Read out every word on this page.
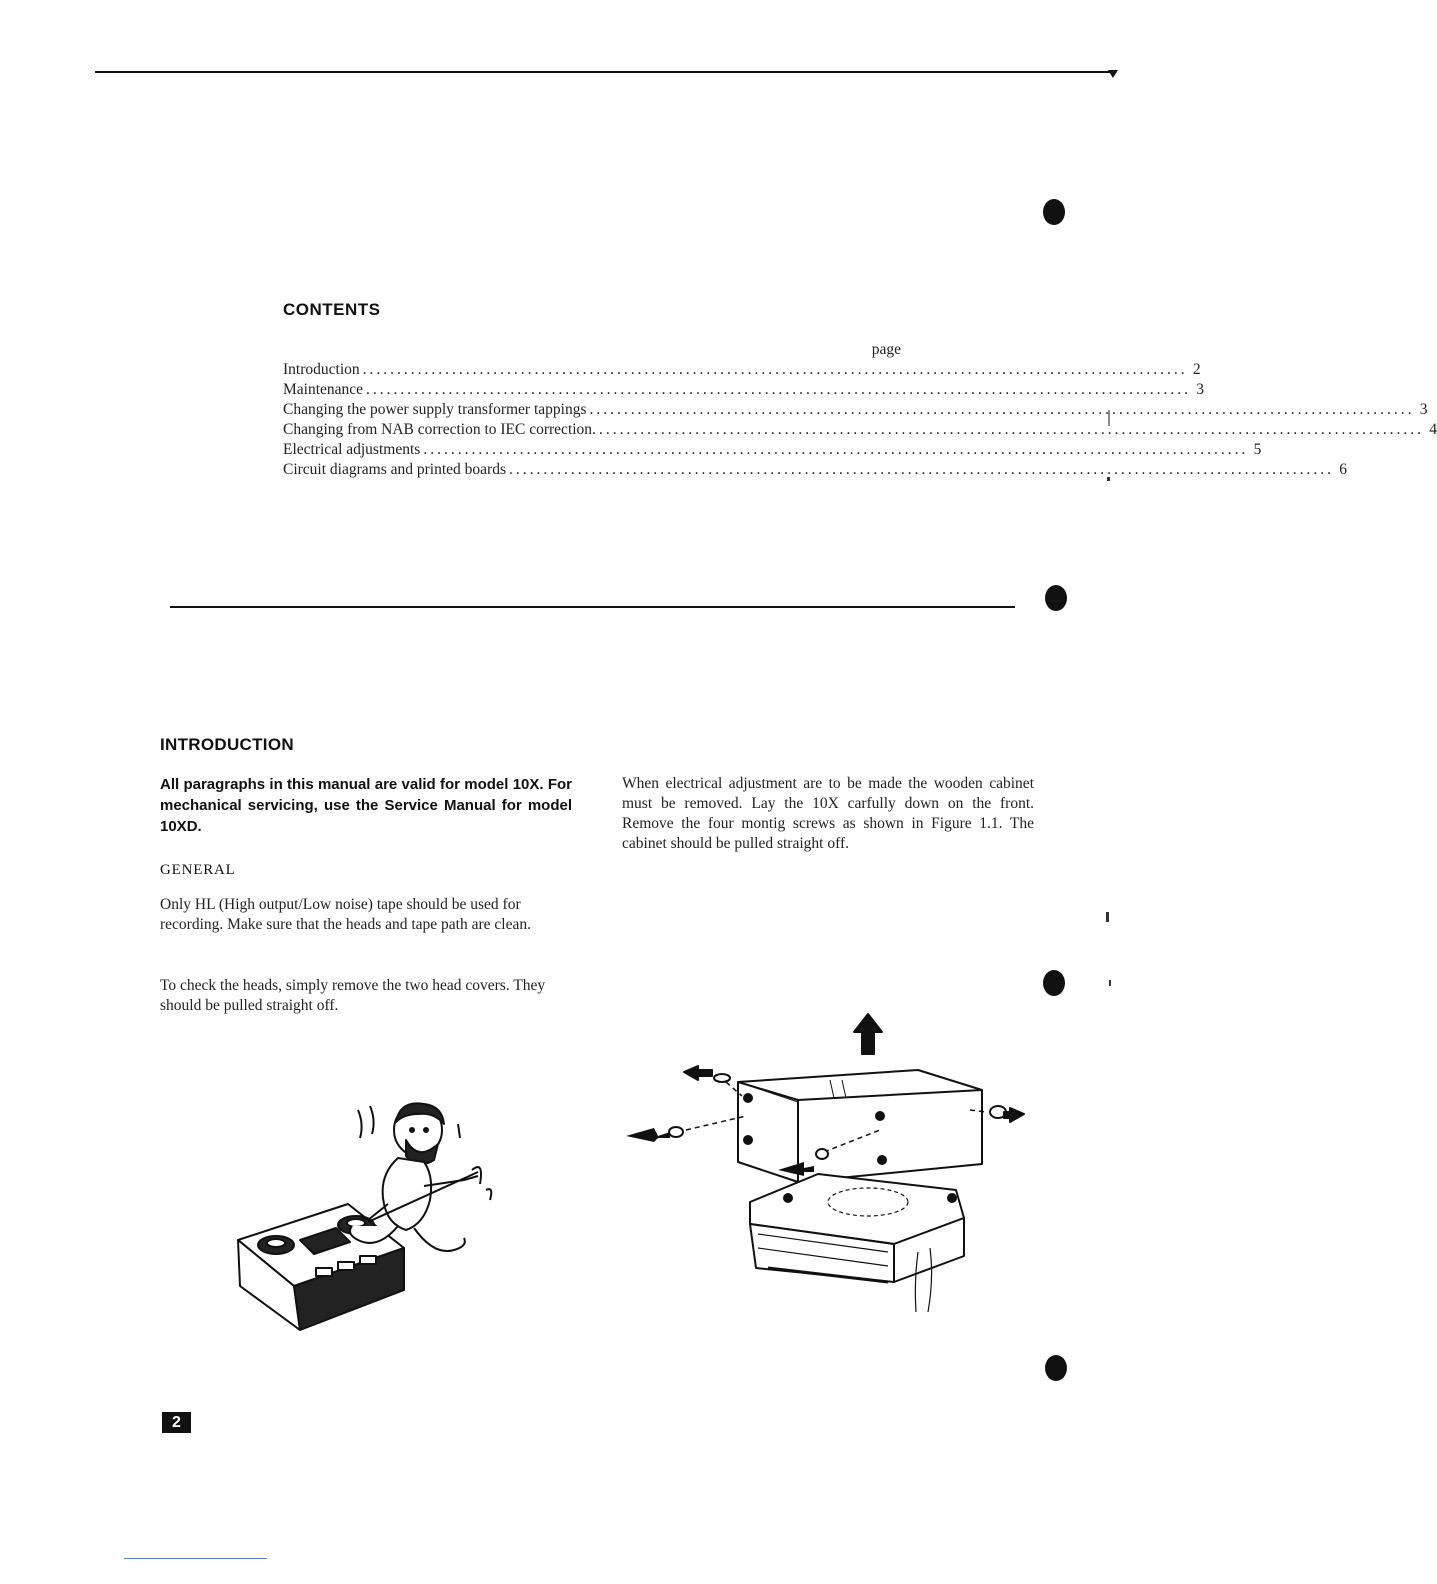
CONTENTS
page
Introduction ........................................................................................................................ 2
Maintenance ........................................................................................................................ 3
Changing the power supply transformer tappings ........................................................................................................................ 3
Changing from NAB correction to IEC correction. ........................................................................................................................ 4
Electrical adjustments ........................................................................................................................ 5
Circuit diagrams and printed boards ........................................................................................................................ 6
INTRODUCTION
All paragraphs in this manual are valid for model 10X. For mechanical servicing, use the Service Manual for model 10XD.
GENERAL
Only HL (High output/Low noise) tape should be used for recording. Make sure that the heads and tape path are clean.
To check the heads, simply remove the two head covers. They should be pulled straight off.
When electrical adjustment are to be made the wooden cabinet must be removed. Lay the 10X carfully down on the front. Remove the four montig screws as shown in Figure 1.1. The cabinet should be pulled straight off.
2
